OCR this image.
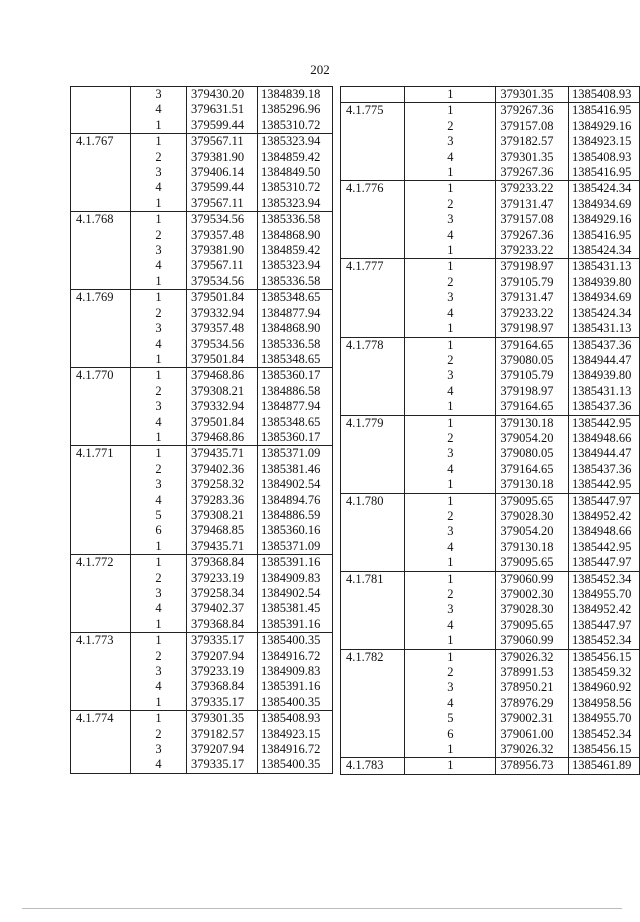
202
	3	379430.20	1384839.18
	4	379631.51	1385296.96
	1	379599.44	1385310.72
4.1.767	1	379567.11	1385323.94
	2	379381.90	1384859.42
	3	379406.14	1384849.50
	4	379599.44	1385310.72
	1	379567.11	1385323.94
4.1.768	1	379534.56	1385336.58
	2	379357.48	1384868.90
	3	379381.90	1384859.42
	4	379567.11	1385323.94
	1	379534.56	1385336.58
4.1.769	1	379501.84	1385348.65
	2	379332.94	1384877.94
	3	379357.48	1384868.90
	4	379534.56	1385336.58
	1	379501.84	1385348.65
4.1.770	1	379468.86	1385360.17
	2	379308.21	1384886.58
	3	379332.94	1384877.94
	4	379501.84	1385348.65
	1	379468.86	1385360.17
4.1.771	1	379435.71	1385371.09
	2	379402.36	1385381.46
	3	379258.32	1384902.54
	4	379283.36	1384894.76
	5	379308.21	1384886.59
	6	379468.85	1385360.16
	1	379435.71	1385371.09
4.1.772	1	379368.84	1385391.16
	2	379233.19	1384909.83
	3	379258.34	1384902.54
	4	379402.37	1385381.45
	1	379368.84	1385391.16
4.1.773	1	379335.17	1385400.35
	2	379207.94	1384916.72
	3	379233.19	1384909.83
	4	379368.84	1385391.16
	1	379335.17	1385400.35
4.1.774	1	379301.35	1385408.93
	2	379182.57	1384923.15
	3	379207.94	1384916.72
	4	379335.17	1385400.35
	1	379301.35	1385408.93
4.1.775	1	379267.36	1385416.95
	2	379157.08	1384929.16
	3	379182.57	1384923.15
	4	379301.35	1385408.93
	1	379267.36	1385416.95
4.1.776	1	379233.22	1385424.34
	2	379131.47	1384934.69
	3	379157.08	1384929.16
	4	379267.36	1385416.95
	1	379233.22	1385424.34
4.1.777	1	379198.97	1385431.13
	2	379105.79	1384939.80
	3	379131.47	1384934.69
	4	379233.22	1385424.34
	1	379198.97	1385431.13
4.1.778	1	379164.65	1385437.36
	2	379080.05	1384944.47
	3	379105.79	1384939.80
	4	379198.97	1385431.13
	1	379164.65	1385437.36
4.1.779	1	379130.18	1385442.95
	2	379054.20	1384948.66
	3	379080.05	1384944.47
	4	379164.65	1385437.36
	1	379130.18	1385442.95
4.1.780	1	379095.65	1385447.97
	2	379028.30	1384952.42
	3	379054.20	1384948.66
	4	379130.18	1385442.95
	1	379095.65	1385447.97
4.1.781	1	379060.99	1385452.34
	2	379002.30	1384955.70
	3	379028.30	1384952.42
	4	379095.65	1385447.97
	1	379060.99	1385452.34
4.1.782	1	379026.32	1385456.15
	2	378991.53	1385459.32
	3	378950.21	1384960.92
	4	378976.29	1384958.56
	5	379002.31	1384955.70
	6	379061.00	1385452.34
	1	379026.32	1385456.15
4.1.783	1	378956.73	1385461.89
